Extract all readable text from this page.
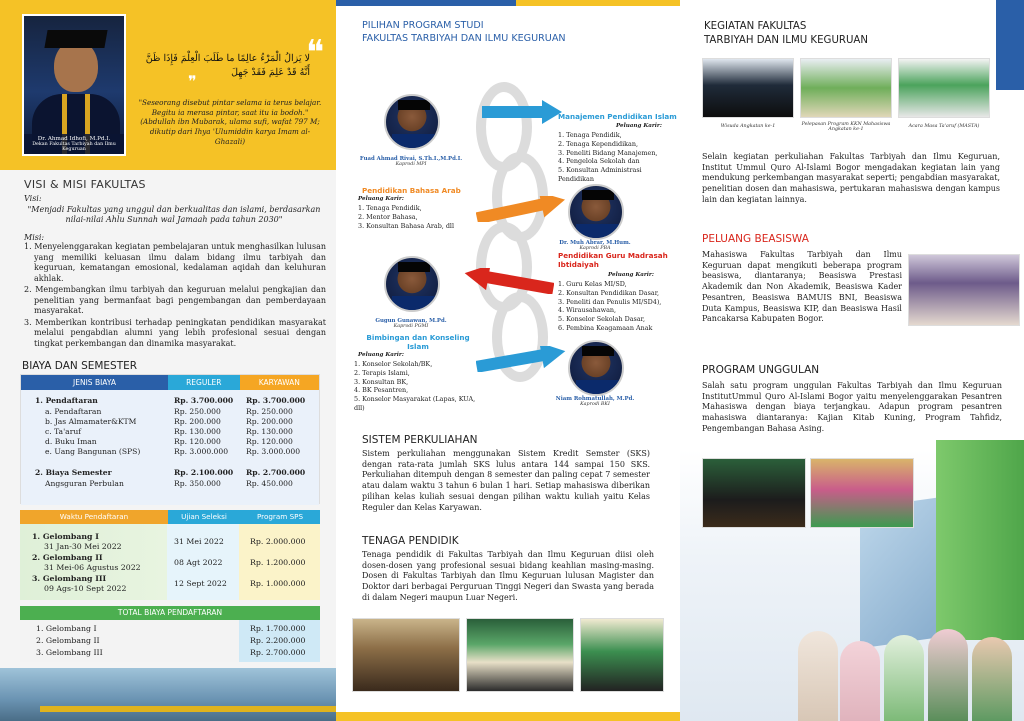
Dr. Ahmad Idhofi, M.Pd.I.
Dekan Fakultas Tarbiyah dan Ilmu Keguruan
❝
لا يَزالُ الْمَرْءُ عالِمًا ما طَلَبَ الْعِلْمَ فَإِذَا ظَنَّ أَنَّهُ قَدْ عَلِمَ فَقَدْ جَهِلَ
❞
"Seseorang disebut pintar selama ia terus belajar. Begitu ia merasa pintar, saat itu ia bodoh." (Abdullah ibn Mubarak, ulama sufi, wafat 797 M; dikutip dari Ihya 'Ulumiddin karya Imam al-Ghazali)
VISI & MISI FAKULTAS
Visi:
"Menjadi Fakultas yang unggul dan berkualitas dan islami, berdasarkan nilai-nilai Ahlu Sunnah wal Jamaah pada tahun 2030"
Misi:
1. Menyelenggarakan kegiatan pembelajaran untuk menghasilkan lulusan yang memiliki keluasan ilmu dalam bidang ilmu tarbiyah dan keguruan, kematangan emosional, kedalaman aqidah dan keluhuran akhlak.
2. Mengembangkan ilmu tarbiyah dan keguruan melalui pengkajian dan penelitian yang bermanfaat bagi pengembangan dan pemberdayaan masyarakat.
3. Memberikan kontribusi terhadap peningkatan pendidikan masyarakat melalui pengabdian alumni yang lebih profesional sesuai dengan tingkat perkembangan dan dinamika masyarakat.
BIAYA DAN SEMESTER
JENIS BIAYA	REGULER	KARYAWAN
1. Pendaftaran	Rp. 3.700.000	Rp. 3.700.000
a. Pendaftaran	Rp. 250.000	Rp. 250.000
b. Jas Almamater&KTM	Rp. 200.000	Rp. 200.000
c. Ta'aruf	Rp. 130.000	Rp. 130.000
d. Buku Iman	Rp. 120.000	Rp. 120.000
e. Uang Bangunan (SPS)	Rp. 3.000.000	Rp. 3.000.000
2. Biaya Semester	Rp. 2.100.000	Rp. 2.700.000
Angsguran Perbulan	Rp. 350.000	Rp. 450.000
Waktu Pendaftaran	Ujian Seleksi	Program SPS
1. Gelombang I
31 Jan-30 Mei 2022
31 Mei 2022	Rp. 2.000.000
2. Gelombang II
31 Mei-06 Agustus 2022
08 Agt 2022	Rp. 1.200.000
3. Gelombang III
09 Ags-10 Sept 2022
12 Sept 2022	Rp. 1.000.000
TOTAL BIAYA PENDAFTARAN
1. Gelombang I	Rp. 1.700.000
2. Gelombang II	Rp. 2.200.000
3. Gelombang III	Rp. 2.700.000
PILIHAN PROGRAM STUDI
FAKULTAS TARBIYAH DAN ILMU KEGURUAN
Fuad Ahmad Rivai, S.Th.I.,M.Pd.I.
Kaprodi MPI
Dr. Muh Abrar, M.Hum.
Kaprodi PBA
Gugun Gunawan, M.Pd.
Kaprodi PGMI
Niam Rohmatullah, M.Pd.
Kaprodi BKI
Manajemen Pendidikan Islam
Peluang Karir:
1. Tenaga Pendidik,
2. Tenaga Kependidikan,
3. Peneliti Bidang Manajemen,
4. Pengelola Sekolah dan
5. Konsultan Administrasi Pendidikan
Pendidikan Bahasa Arab
Peluang Karir:
1. Tenaga Pendidik,
2. Mentor Bahasa,
3. Konsultan Bahasa Arab, dll
Pendidikan Guru Madrasah Ibtidaiyah
Peluang Karir:
1. Guru Kelas MI/SD,
2. Konsultan Pendidikan Dasar,
3. Peneliti dan Penulis MI/SD4),
4. Wirausahawan,
5. Konselor Sekolah Dasar,
6. Pembina Keagamaan Anak
Bimbingan dan Konseling Islam
Peluang Karir:
1. Konselor Sekolah/BK,
2. Terapis Islami,
3. Konsultan BK,
4. BK Pesantren,
5. Konselor Masyarakat (Lapas, KUA, dll)
SISTEM PERKULIAHAN
Sistem perkuliahan menggunakan Sistem Kredit Semster (SKS) dengan rata-rata jumlah SKS lulus antara 144 sampai 150 SKS. Perkuliahan ditempuh dengan 8 semester dan paling cepat 7 semester atau dalam waktu 3 tahun 6 bulan 1 hari. Setiap mahasiswa diberikan pilihan kelas kuliah sesuai dengan pilihan waktu kuliah yaitu Kelas Reguler dan Kelas Karyawan.
TENAGA PENDIDIK
Tenaga pendidik di Fakultas Tarbiyah dan Ilmu Keguruan diisi oleh dosen-dosen yang profesional sesuai bidang keahlian masing-masing. Dosen di Fakultas Tarbiyah dan Ilmu Keguruan lulusan Magister dan Doktor dari berbagai Perguruan Tinggi Negeri dan Swasta yang berada di dalam Negeri maupun Luar Negeri.
KEGIATAN FAKULTAS
TARBIYAH DAN ILMU KEGURUAN
Wisuda Angkatan ke-1	Pelepasan Program KKN Mahasiswa Angkatan ke-1
Acara Masa Ta'aruf (MASTA)
Selain kegiatan perkuliahan Fakultas Tarbiyah dan Ilmu Keguruan, Institut Ummul Quro Al-Islami Bogor mengadakan kegiatan lain yang mendukung perkembangan masyarakat seperti; pengabdian masyarakat, penelitian dosen dan mahasiswa, pertukaran mahasiswa dengan kampus lain dan kegiatan lainnya.
PELUANG BEASISWA
Mahasiswa Fakultas Tarbiyah dan Ilmu Keguruan dapat mengikuti beberapa program beasiswa, diantaranya; Beasiswa Prestasi Akademik dan Non Akademik, Beasiswa Kader Pesantren, Beasiswa BAMUIS BNI, Beasiswa Duta Kampus, Beasiswa KIP, dan Beasiswa Hasil Pancakarsa Kabupaten Bogor.
PROGRAM UNGGULAN
Salah satu program unggulan Fakultas Tarbiyah dan Ilmu Keguruan InstitutUmmul Quro Al-Islami Bogor yaitu menyelenggarakan Pesantren Mahasiswa dengan biaya terjangkau. Adapun program pesantren mahasiswa diantaranya: Kajian Kitab Kuning, Program Tahfidz, Pengembangan Bahasa Asing.
